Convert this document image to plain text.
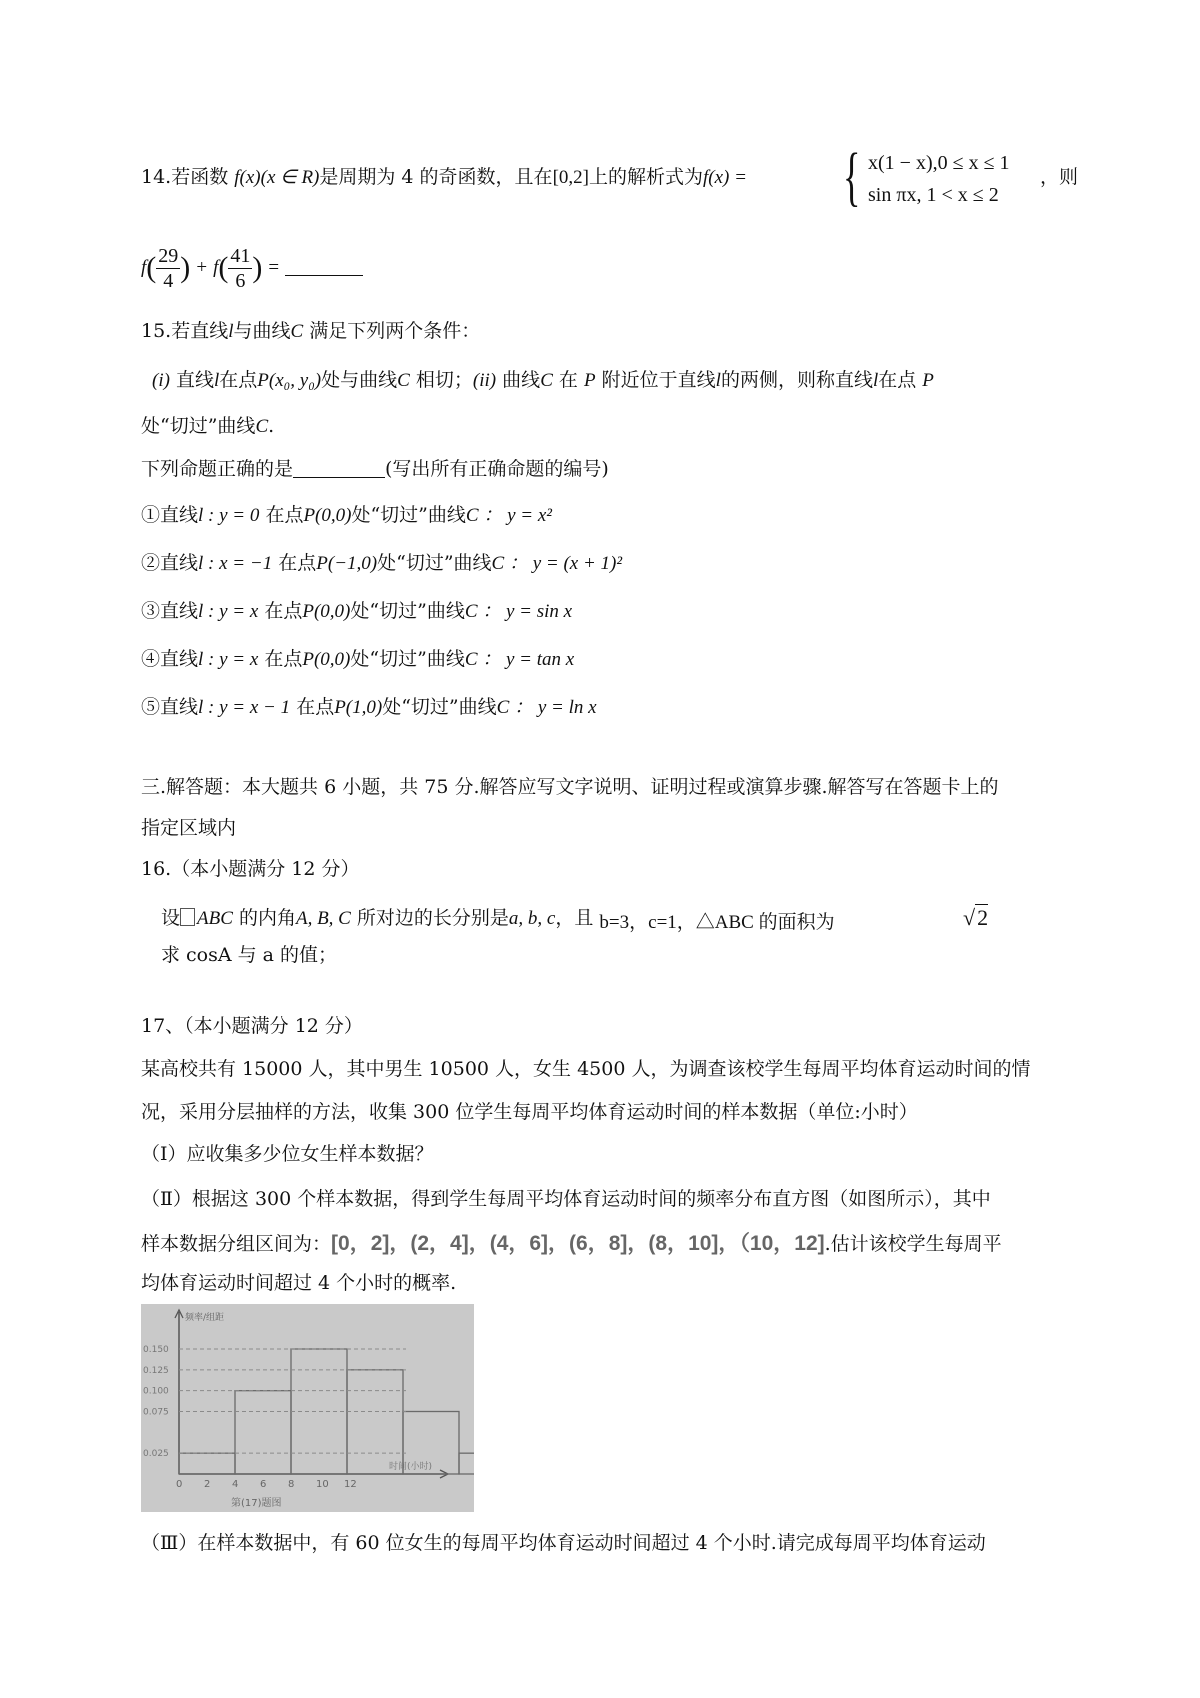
14.若函数 f(x)(x ∈ R)是周期为 4 的奇函数，且在[0,2]上的解析式为f(x) = { x(1 − x),0 ≤ x ≤ 1
sin πx, 1 < x ≤ 2
，则
$f( \frac{29}{4}$ ) + $f( \frac{41}{6}$ ) =
15.若直线l与曲线C 满足下列两个条件：
(i) 直线l在点P(x₀, y₀)处与曲线C 相切；(ii) 曲线C 在 P 附近位于直线l的两侧，则称直线l在点 P
处“切过”曲线C.
下列命题正确的是	(写出所有正确命题的编号)
①直线l : y = 0 在点P(0,0)处“切过”曲线C ： y = x²
②直线l : x = −1 在点P(−1,0)处“切过”曲线C ： y = (x + 1)²
③直线l : y = x 在点P(0,0)处“切过”曲线C ： y = sin x
④直线l : y = x 在点P(0,0)处“切过”曲线C ： y = tan x
⑤直线l : y = x − 1 在点P(1,0)处“切过”曲线C ： y = ln x
三.解答题：本大题共 6 小题，共 75 分.解答应写文字说明、证明过程或演算步骤.解答写在答题卡上的
指定区域内
16.（本小题满分 12 分）
设 ABC 的内角A, B, C 所对边的长分别是a, b, c，且 b=3，c=1，△ABC 的面积为	√2
求 cosA 与 a 的值；
17、（本小题满分 12 分）
某高校共有 15000 人，其中男生 10500 人，女生 4500 人，为调查该校学生每周平均体育运动时间的情
况，采用分层抽样的方法，收集 300 位学生每周平均体育运动时间的样本数据（单位:小时）
（Ⅰ）应收集多少位女生样本数据？
（Ⅱ）根据这 300 个样本数据，得到学生每周平均体育运动时间的频率分布直方图（如图所示），其中
样本数据分组区间为：[0，2]，(2，4]，(4，6]，(6，8]，(8，10]，（10，12].估计该校学生每周平
均体育运动时间超过 4 个小时的概率.
频率/组距
0.150
0.125
0.100
0.075
0.025
0 2 4 6 8 10 12
时间(小时)
第(17)题图
（Ⅲ）在样本数据中，有 60 位女生的每周平均体育运动时间超过 4 个小时.请完成每周平均体育运动
